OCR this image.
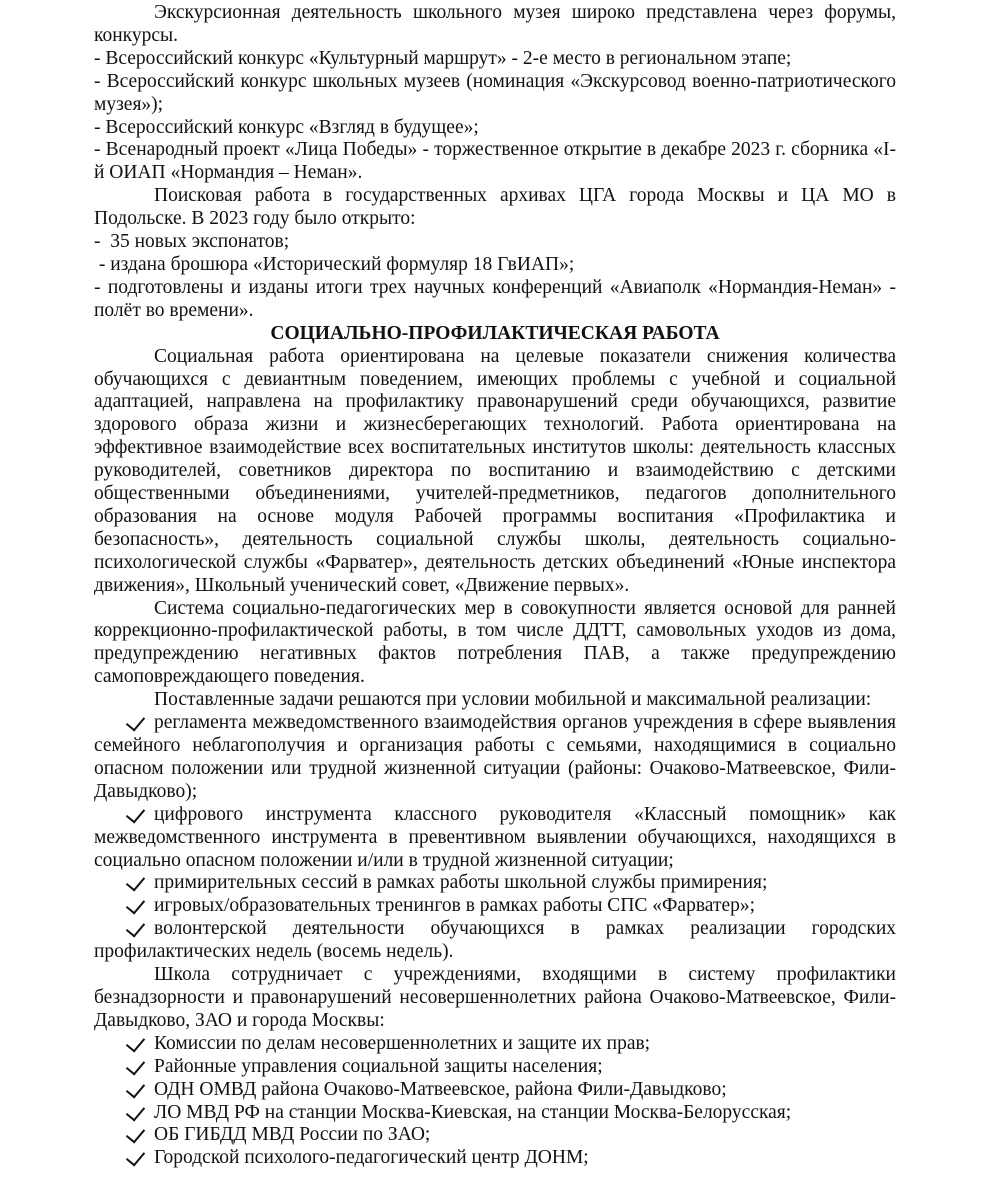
Экскурсионная деятельность школьного музея широко представлена через форумы, конкурсы.

- Всероссийский конкурс «Культурный маршрут» - 2-е место в региональном этапе;

- Всероссийский конкурс школьных музеев (номинация «Экскурсовод военно-патриотического музея»);

- Всероссийский конкурс «Взгляд в будущее»;

- Всенародный проект «Лица Победы» - торжественное открытие в декабре 2023 г. сборника «I-й ОИАП «Нормандия – Неман».

Поисковая работа в государственных архивах ЦГА города Москвы и ЦА МО в Подольске. В 2023 году было открыто:

-  35 новых экспонатов;

- издана брошюра «Исторический формуляр 18 ГвИАП»;

- подготовлены и изданы итоги трех научных конференций «Авиаполк «Нормандия-Неман» - полёт во времени».

СОЦИАЛЬНО-ПРОФИЛАКТИЧЕСКАЯ РАБОТА

Социальная работа ориентирована на целевые показатели снижения количества обучающихся с девиантным поведением, имеющих проблемы с учебной и социальной адаптацией, направлена на профилактику правонарушений среди обучающихся, развитие здорового образа жизни и жизнесберегающих технологий. Работа ориентирована на эффективное взаимодействие всех воспитательных институтов школы: деятельность классных руководителей, советников директора по воспитанию и взаимодействию с детскими общественными объединениями, учителей-предметников, педагогов дополнительного образования на основе модуля Рабочей программы воспитания «Профилактика и безопасность», деятельность социальной службы школы, деятельность социально-психологической службы «Фарватер», деятельность детских объединений «Юные инспектора движения», Школьный ученический совет, «Движение первых».

Система социально-педагогических мер в совокупности является основой для ранней коррекционно-профилактической работы, в том числе ДДТТ, самовольных уходов из дома, предупреждению негативных фактов потребления ПАВ, а также предупреждению самоповреждающего поведения.

Поставленные задачи решаются при условии мобильной и максимальной реализации:

регламента межведомственного взаимодействия органов учреждения в сфере выявления семейного неблагополучия и организация работы с семьями, находящимися в социально опасном положении или трудной жизненной ситуации (районы: Очаково-Матвеевское, Фили-Давыдково);

цифрового инструмента классного руководителя «Классный помощник» как межведомственного инструмента в превентивном выявлении обучающихся, находящихся в социально опасном положении и/или в трудной жизненной ситуации;

примирительных сессий в рамках работы школьной службы примирения;

игровых/образовательных тренингов в рамках работы СПС «Фарватер»;

волонтерской деятельности обучающихся в рамках реализации городских профилактических недель (восемь недель).

Школа сотрудничает с учреждениями, входящими в систему профилактики безнадзорности и правонарушений несовершеннолетних района Очаково-Матвеевское, Фили-Давыдково, ЗАО и города Москвы:

Комиссии по делам несовершеннолетних и защите их прав;

Районные управления социальной защиты населения;

ОДН ОМВД района Очаково-Матвеевское, района Фили-Давыдково;

ЛО МВД РФ на станции Москва-Киевская, на станции Москва-Белорусская;

ОБ ГИБДД МВД России по ЗАО;

Городской психолого-педагогический центр ДОНМ;
